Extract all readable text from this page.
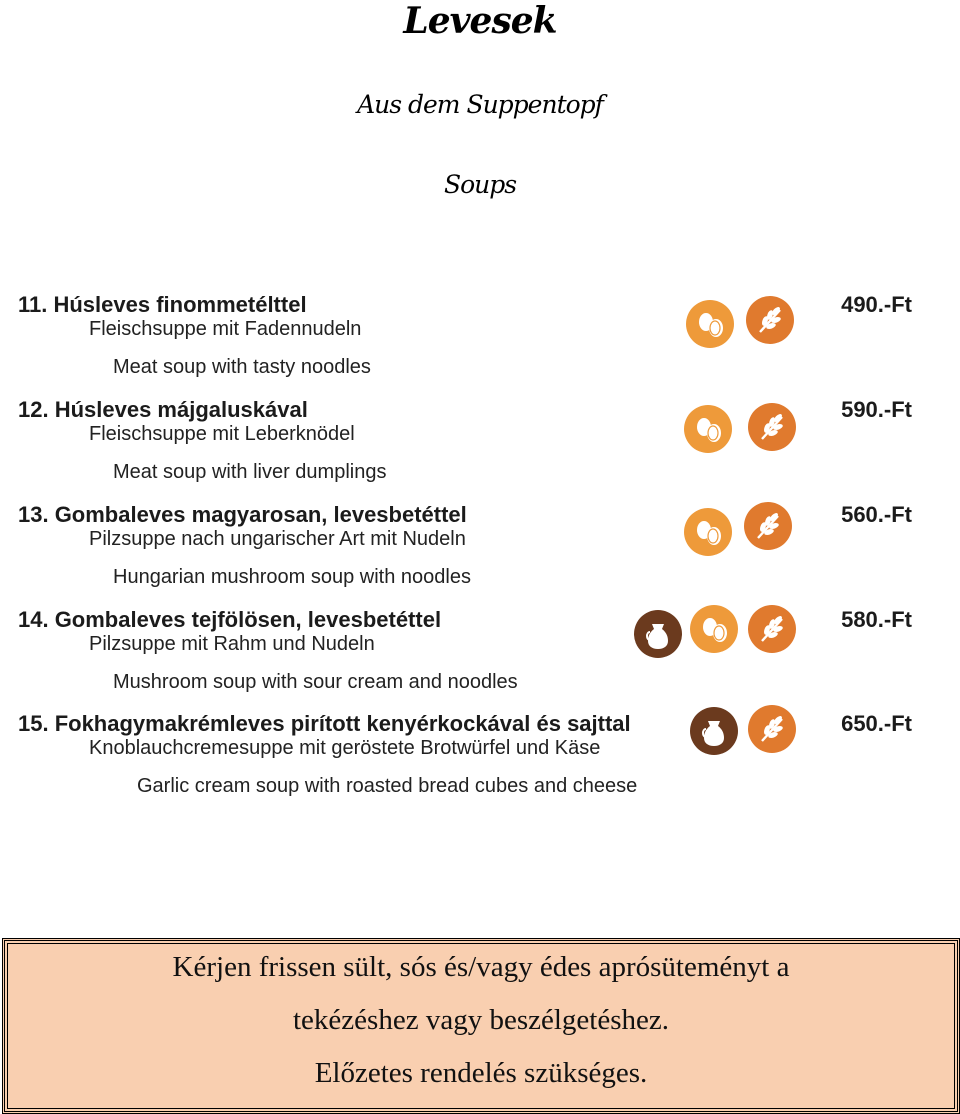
Levesek
Aus dem Suppentopf
Soups
11. Húsleves finommetélttel
Fleischsuppe mit Fadennudeln
Meat soup with tasty noodles
490.-Ft
12. Húsleves májgaluskával
Fleischsuppe mit Leberknödel
Meat soup with liver dumplings
590.-Ft
13. Gombaleves magyarosan, levesbetéttel
Pilzsuppe nach ungarischer Art mit Nudeln
Hungarian mushroom soup with noodles
560.-Ft
14. Gombaleves tejfölösen, levesbetéttel
Pilzsuppe mit Rahm und Nudeln
Mushroom soup with sour cream and noodles
580.-Ft
15. Fokhagymakrémleves pirított kenyérkockával és sajttal
Knoblauchcremesuppe mit geröstete Brotwürfel und Käse
Garlic cream soup with roasted bread cubes and cheese
650.-Ft

Kérjen frissen sült, sós és/vagy édes aprósüteményt a

tekézéshez vagy beszélgetéshez.

Előzetes rendelés szükséges.
